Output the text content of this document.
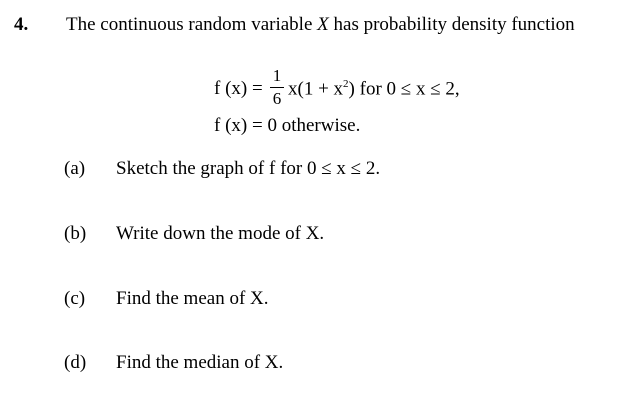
4. The continuous random variable X has probability density function
f (x) =
1
6 $x(1 + x^2)$ for 0 ≤ x ≤ 2,
f (x) = 0 otherwise.
(a) Sketch the graph of f for 0 ≤ x ≤ 2.
(b) Write down the mode of X.
(c) Find the mean of X.
(d) Find the median of X.
